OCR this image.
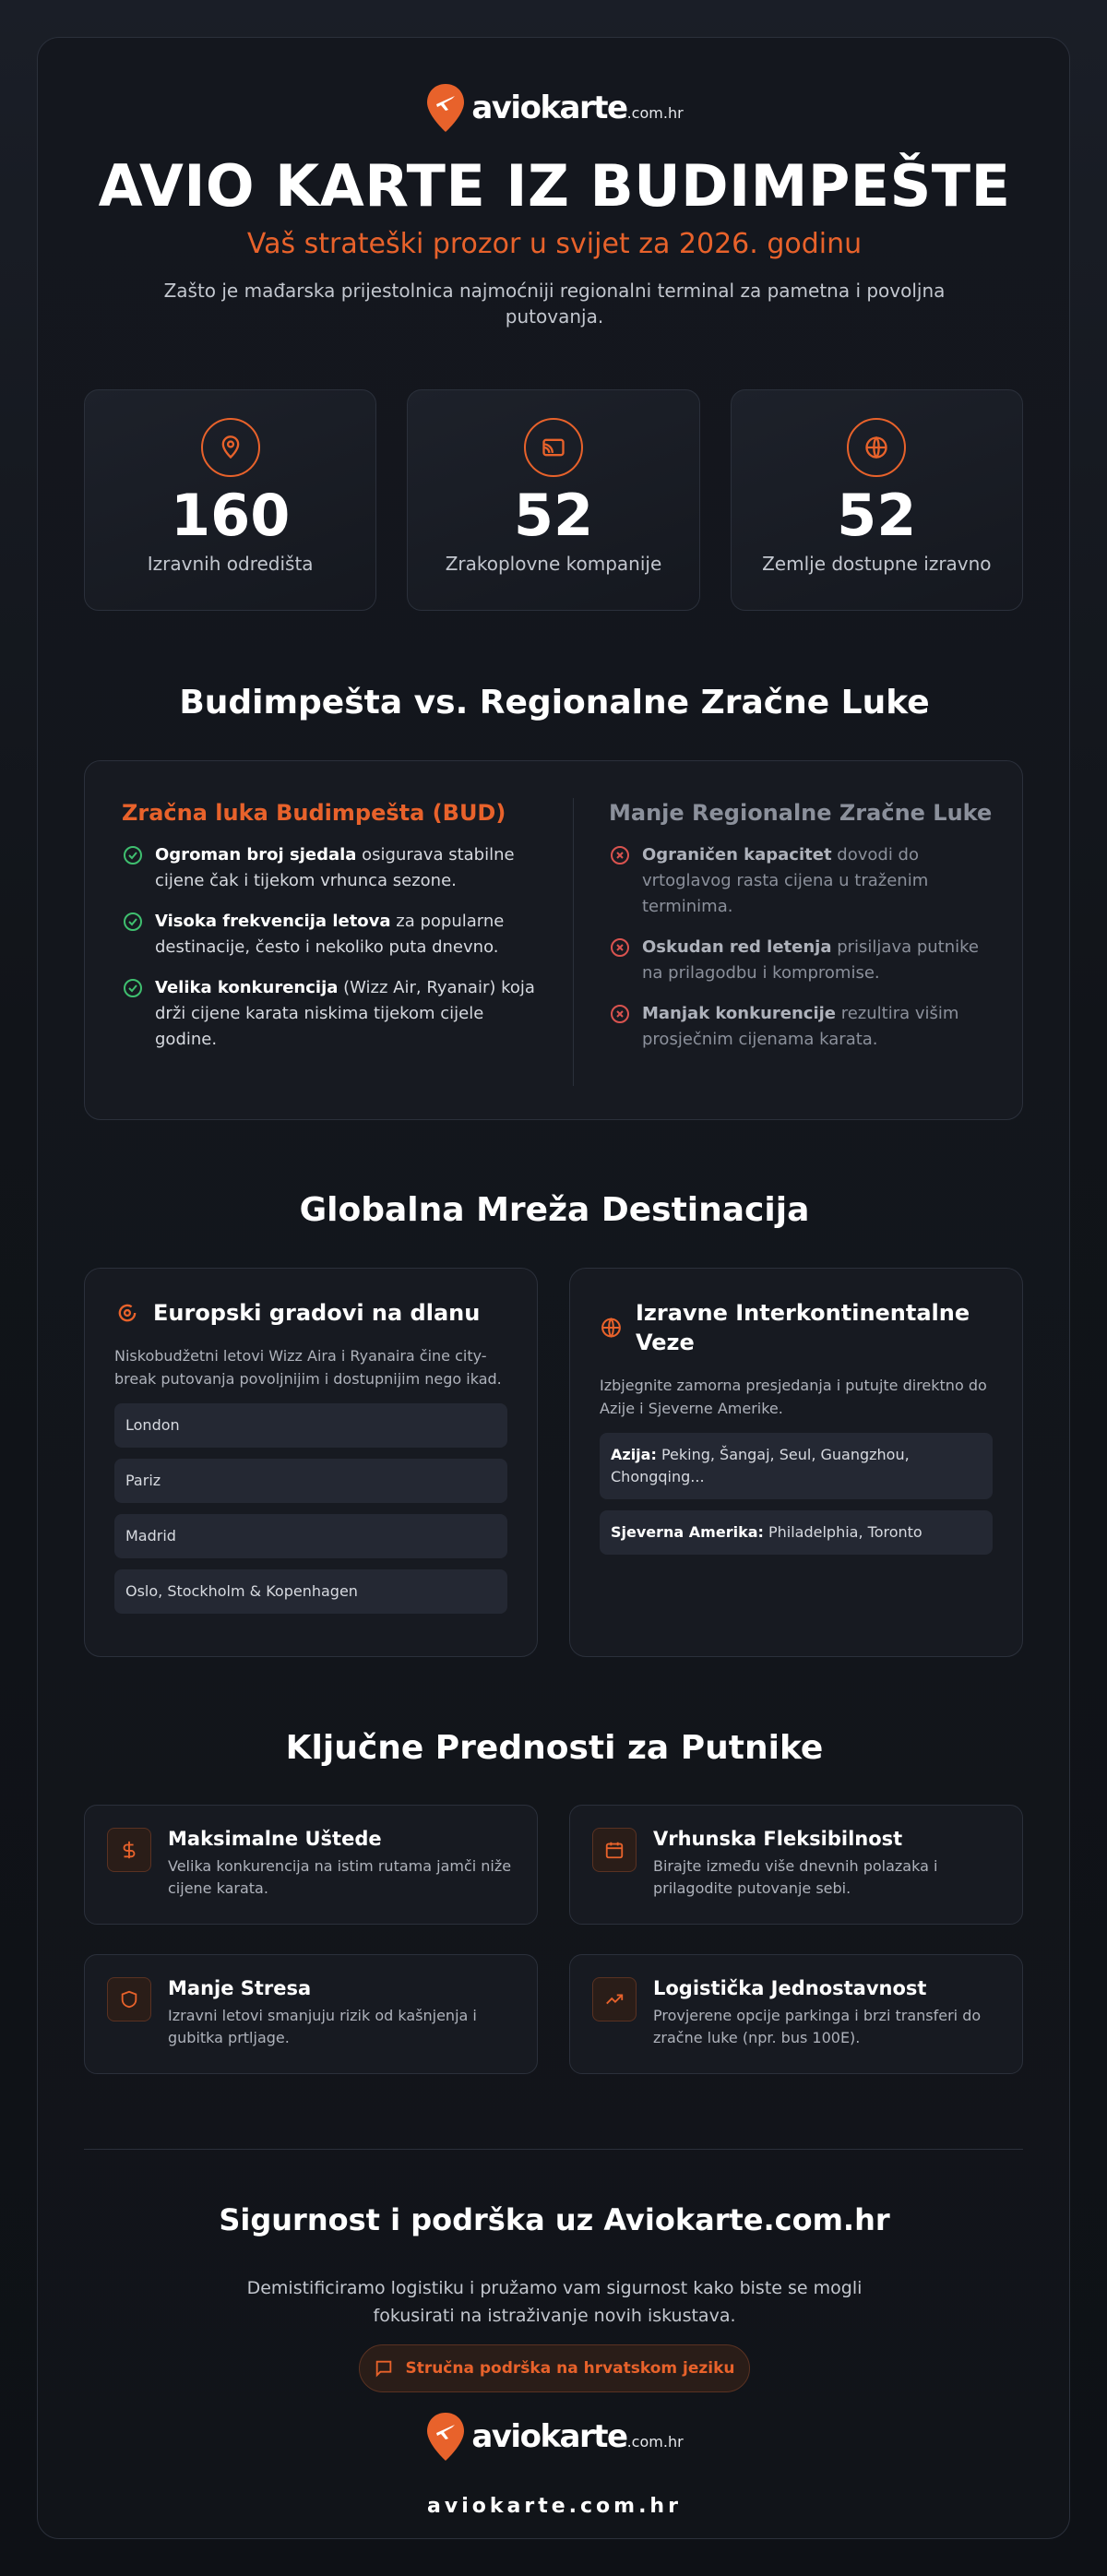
aviokarte.com.hr
AVIO KARTE IZ BUDIMPEŠTE
Vaš strateški prozor u svijet za 2026. godinu
Zašto je mađarska prijestolnica najmoćniji regionalni terminal za pametna i povoljna putovanja.
160
Izravnih odredišta
52
Zrakoplovne kompanije
52
Zemlje dostupne izravno
Budimpešta vs. Regionalne Zračne Luke
Zračna luka Budimpešta (BUD)

Ogroman broj sjedala osigurava stabilne cijene čak i tijekom vrhunca sezone.

Visoka frekvencija letova za popularne destinacije, često i nekoliko puta dnevno.

Velika konkurencija (Wizz Air, Ryanair) koja drži cijene karata niskima tijekom cijele godine.

Manje Regionalne Zračne Luke

Ograničen kapacitet dovodi do vrtoglavog rasta cijena u traženim terminima.

Oskudan red letenja prisiljava putnike na prilagodbu i kompromise.

Manjak konkurencije rezultira višim prosječnim cijenama karata.

Globalna Mreža Destinacija
Europski gradovi na dlanu
Niskobudžetni letovi Wizz Aira i Ryanaira čine city-break putovanja povoljnijim i dostupnijim nego ikad.
London
Pariz
Madrid
Oslo, Stockholm & Kopenhagen
Izravne Interkontinentalne Veze
Izbjegnite zamorna presjedanja i putujte direktno do Azije i Sjeverne Amerike.
Azija: Peking, Šangaj, Seul, Guangzhou, Chongqing...
Sjeverna Amerika: Philadelphia, Toronto
Ključne Prednosti za Putnike
Maksimalne Uštede
Velika konkurencija na istim rutama jamči niže cijene karata.
Vrhunska Fleksibilnost
Birajte između više dnevnih polazaka i prilagodite putovanje sebi.
Manje Stresa
Izravni letovi smanjuju rizik od kašnjenja i gubitka prtljage.
Logistička Jednostavnost
Provjerene opcije parkinga i brzi transferi do zračne luke (npr. bus 100E).
Sigurnost i podrška uz Aviokarte.com.hr
Demistificiramo logistiku i pružamo vam sigurnost kako biste se mogli fokusirati na istraživanje novih iskustava.
Stručna podrška na hrvatskom jeziku
aviokarte.com.hr
aviokarte.com.hr
